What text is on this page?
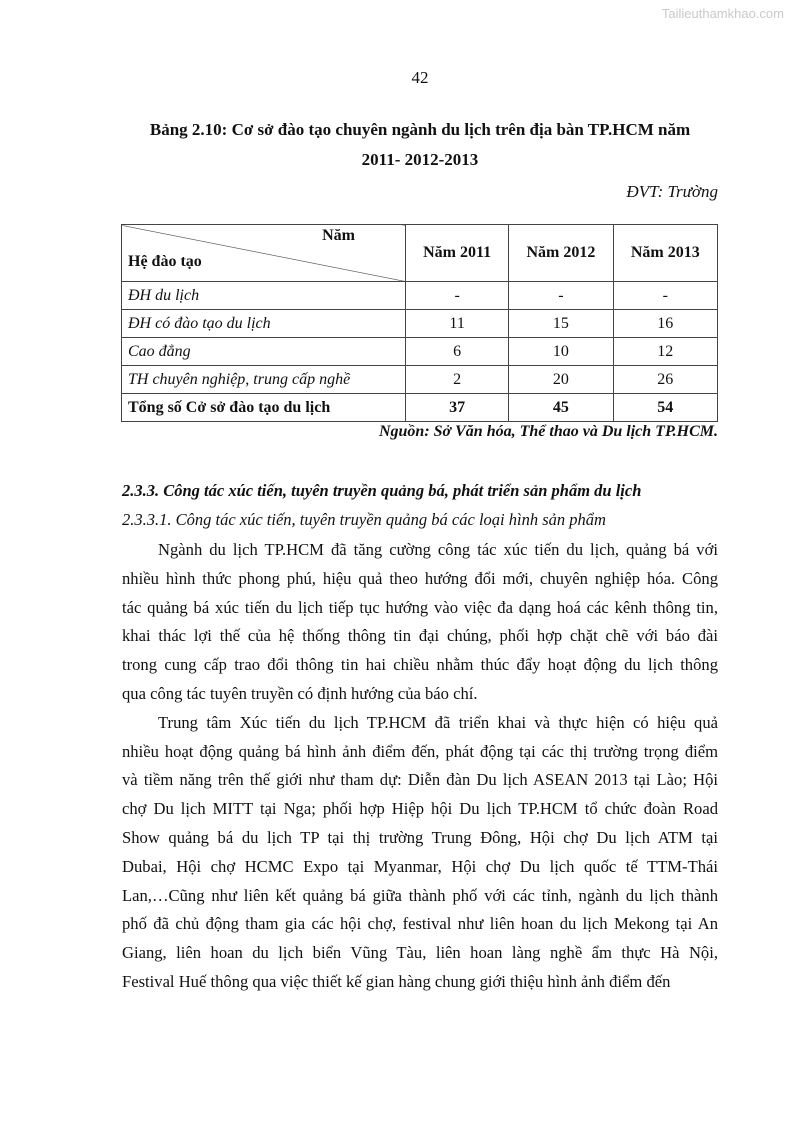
Tailieuthamkhao.com
42
Bảng 2.10: Cơ sở đào tạo chuyên ngành du lịch trên địa bàn TP.HCM năm
2011- 2012-2013
ĐVT: Trường
Năm
Hệ đào tạo	Năm 2011	Năm 2012	Năm 2013
ĐH du lịch	-	-	-
ĐH có đào tạo du lịch	11	15	16
Cao đẳng	6	10	12
TH chuyên nghiệp, trung cấp nghề	2	20	26
Tổng số Cở sở đào tạo du lịch	37	45	54
Nguồn: Sở Văn hóa, Thể thao và Du lịch TP.HCM.
2.3.3. Công tác xúc tiến, tuyên truyền quảng bá, phát triển sản phẩm du lịch
2.3.3.1. Công tác xúc tiến, tuyên truyền quảng bá các loại hình sản phẩm
Ngành du lịch TP.HCM đã tăng cường công tác xúc tiến du lịch, quảng bá với
nhiều hình thức phong phú, hiệu quả theo hướng đổi mới, chuyên nghiệp hóa. Công
tác quảng bá xúc tiến du lịch tiếp tục hướng vào việc đa dạng hoá các kênh thông tin,
khai thác lợi thế của hệ thống thông tin đại chúng, phối hợp chặt chẽ với báo đài
trong cung cấp trao đổi thông tin hai chiều nhằm thúc đẩy hoạt động du lịch thông
qua công tác tuyên truyền có định hướng của báo chí.
Trung tâm Xúc tiến du lịch TP.HCM đã triển khai và thực hiện có hiệu quả
nhiều hoạt động quảng bá hình ảnh điểm đến, phát động tại các thị trường trọng điểm
và tiềm năng trên thế giới như tham dự: Diễn đàn Du lịch ASEAN 2013 tại Lào; Hội
chợ Du lịch MITT tại Nga; phối hợp Hiệp hội Du lịch TP.HCM tổ chức đoàn Road
Show quảng bá du lịch TP tại thị trường Trung Đông, Hội chợ Du lịch ATM tại
Dubai, Hội chợ HCMC Expo tại Myanmar, Hội chợ Du lịch quốc tế TTM-Thái
Lan,…Cũng như liên kết quảng bá giữa thành phố với các tỉnh, ngành du lịch thành
phố đã chủ động tham gia các hội chợ, festival như liên hoan du lịch Mekong tại An
Giang, liên hoan du lịch biển Vũng Tàu, liên hoan làng nghề ẩm thực Hà Nội,
Festival Huế thông qua việc thiết kế gian hàng chung giới thiệu hình ảnh điểm đến
